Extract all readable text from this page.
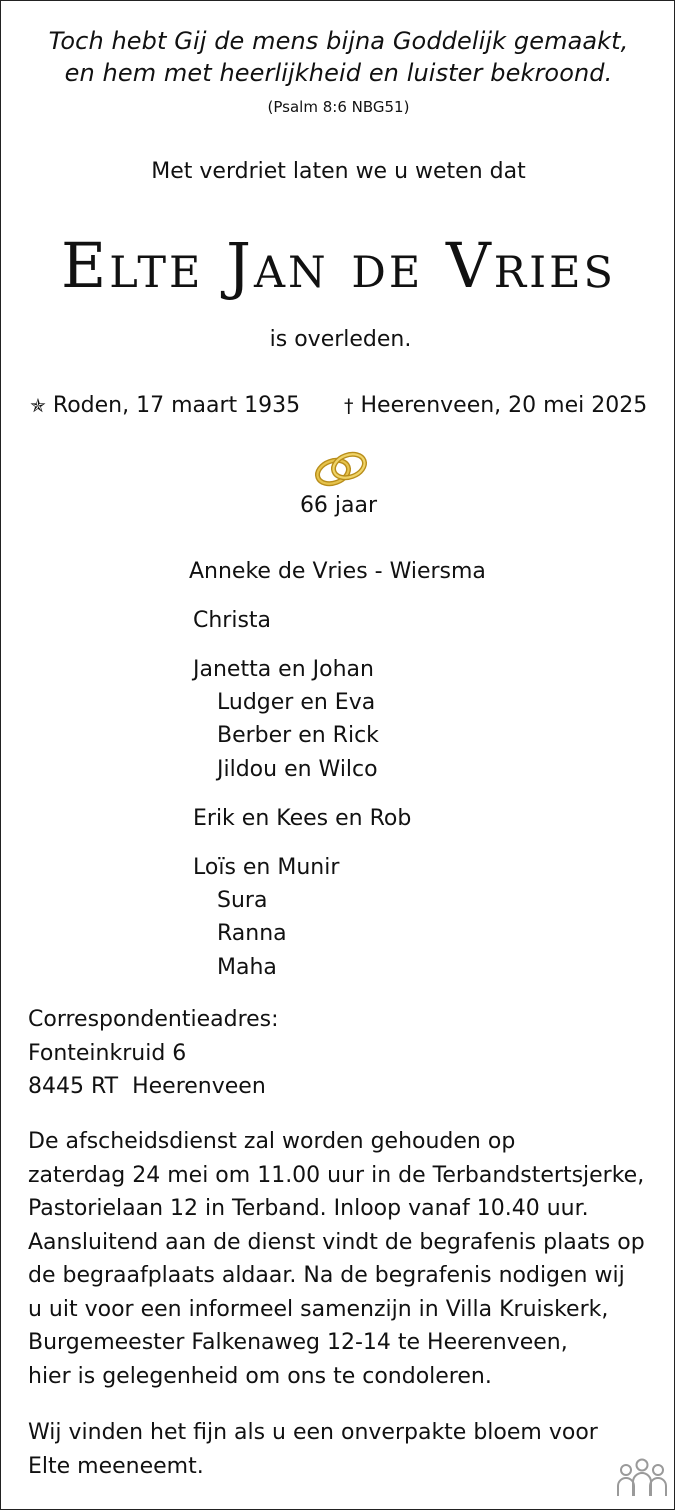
Toch hebt Gij de mens bijna Goddelijk gemaakt,

en hem met heerlijkheid en luister bekroond.

(Psalm 8:6 NBG51)

Met verdriet laten we u weten dat

Elte Jan de Vries

is overleden.

✯ Roden, 17 maart 1935 † Heerenveen, 20 mei 2025

66 jaar

Anneke de Vries - Wiersma

Christa

Janetta en Johan

Ludger en Eva

Berber en Rick

Jildou en Wilco

Erik en Kees en Rob

Loïs en Munir

Sura

Ranna

Maha

Correspondentieadres:
Fonteinkruid 6
8445 RT  Heerenveen
De afscheidsdienst zal worden gehouden op
zaterdag 24 mei om 11.00 uur in de Terbandstertsjerke,
Pastorielaan 12 in Terband. Inloop vanaf 10.40 uur.
Aansluitend aan de dienst vindt de begrafenis plaats op
de begraafplaats aldaar. Na de begrafenis nodigen wij
u uit voor een informeel samenzijn in Villa Kruiskerk,
Burgemeester Falkenaweg 12-14 te Heerenveen,
hier is gelegenheid om ons te condoleren.
Wij vinden het fijn als u een onverpakte bloem voor
Elte meeneemt.
